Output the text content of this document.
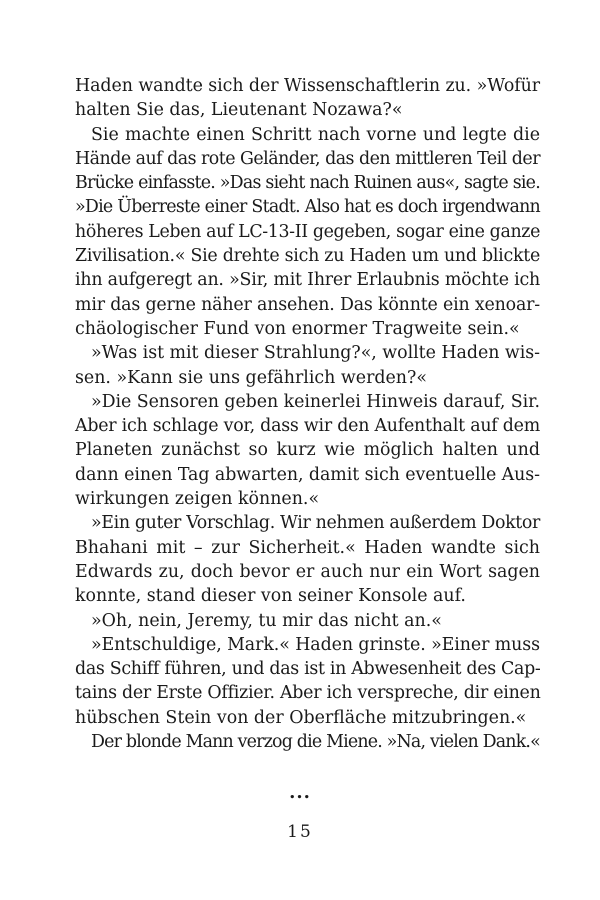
Haden wandte sich der Wissenschaftlerin zu. »Wofür
halten Sie das, Lieutenant Nozawa?«
Sie machte einen Schritt nach vorne und legte die
Hände auf das rote Geländer, das den mittleren Teil der
Brücke einfasste. »Das sieht nach Ruinen aus«, sagte sie.
»Die Überreste einer Stadt. Also hat es doch irgendwann
höheres Leben auf LC-13-II gegeben, sogar eine ganze
Zivilisation.« Sie drehte sich zu Haden um und blickte
ihn aufgeregt an. »Sir, mit Ihrer Erlaubnis möchte ich
mir das gerne näher ansehen. Das könnte ein xenoar-
chäologischer Fund von enormer Tragweite sein.«
»Was ist mit dieser Strahlung?«, wollte Haden wis-
sen. »Kann sie uns gefährlich werden?«
»Die Sensoren geben keinerlei Hinweis darauf, Sir.
Aber ich schlage vor, dass wir den Aufenthalt auf dem
Planeten zunächst so kurz wie möglich halten und
dann einen Tag abwarten, damit sich eventuelle Aus-
wirkungen zeigen können.«
»Ein guter Vorschlag. Wir nehmen außerdem Doktor
Bhahani mit – zur Sicherheit.« Haden wandte sich
Edwards zu, doch bevor er auch nur ein Wort sagen
konnte, stand dieser von seiner Konsole auf.
»Oh, nein, Jeremy, tu mir das nicht an.«
»Entschuldige, Mark.« Haden grinste. »Einer muss
das Schiff führen, und das ist in Abwesenheit des Cap-
tains der Erste Offizier. Aber ich verspreche, dir einen
hübschen Stein von der Oberfläche mitzubringen.«
Der blonde Mann verzog die Miene. »Na, vielen Dank.«
...
15
